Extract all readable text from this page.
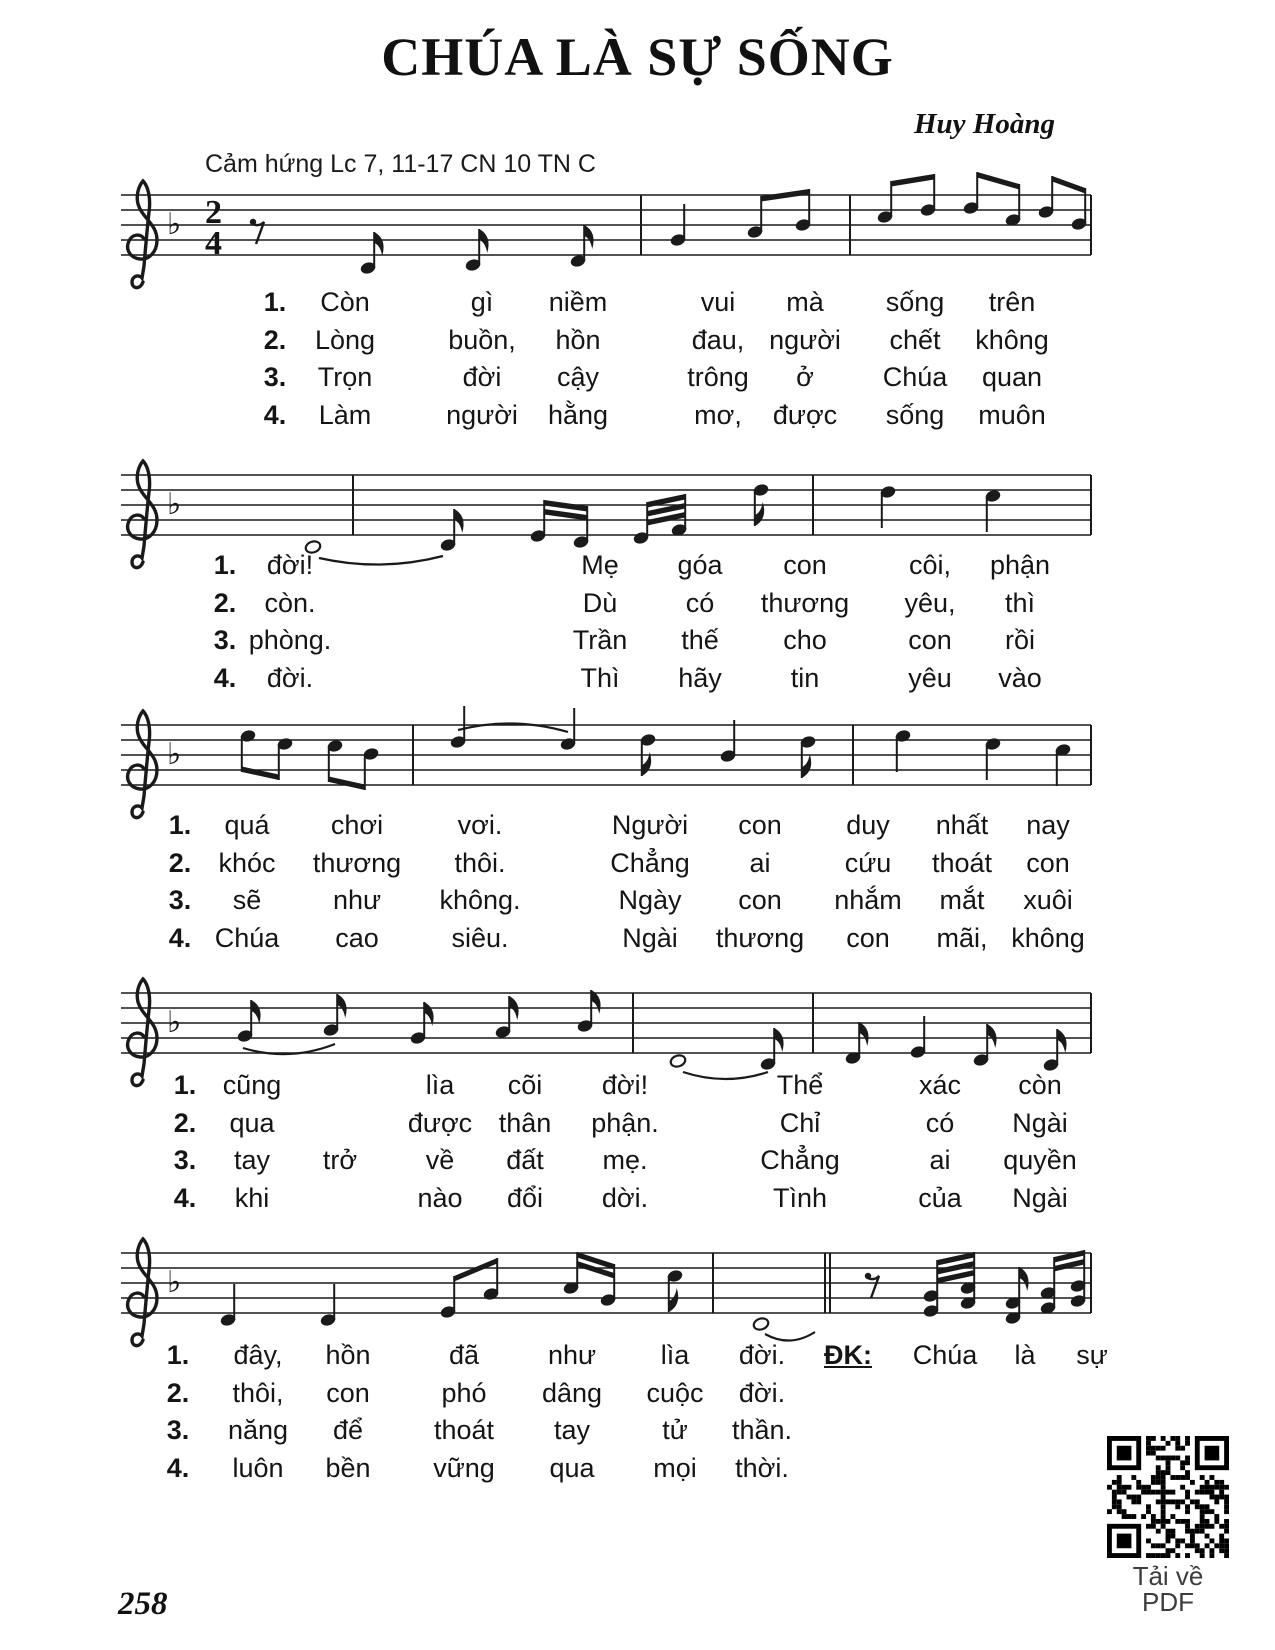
CHÚA LÀ SỰ SỐNG
Huy Hoàng
Cảm hứng Lc 7, 11-17 CN 10 TN C
♭ 2
4
1. Còn	gì niềm	vui mà sống trên
2. Lòng	buồn, hồn	đau, người chết không
3. Trọn	đời cậy	trông ở	Chúa quan
4. Làm	người hằng	mơ, được sống muôn
♭
1. đời!	Mẹ góa con	côi, phận
2. còn.	Dù	có thương yêu, thì
3. phòng.	Trần thế cho	con rồi
4. đời.	Thì hãy	tin	yêu vào
♭
1. quá chơi	vơi.	Người con duy nhất nay
2. khóc thương thôi.	Chẳng ai	cứu thoát con
3. sẽ	như không.	Ngày con nhắm mắt xuôi
4. Chúa cao	siêu.	Ngài thương con mãi, không
♭
1. cũng	lìa cõi đời!	Thể	xác còn
2. qua	được thân phận.	Chỉ	có Ngài
3. tay trở	về đất mẹ.	Chẳng	ai quyền
4. khi	nào đổi dời.	Tình	của Ngài
♭
1. đây, hồn	đã	như lìa đời. ĐK: Chúa là sự
2. thôi, con	phó dâng cuộc đời.
3. năng để	thoát tay	tử thần.
4. luôn bền vững qua mọi thời.
Tải về PDF
258
